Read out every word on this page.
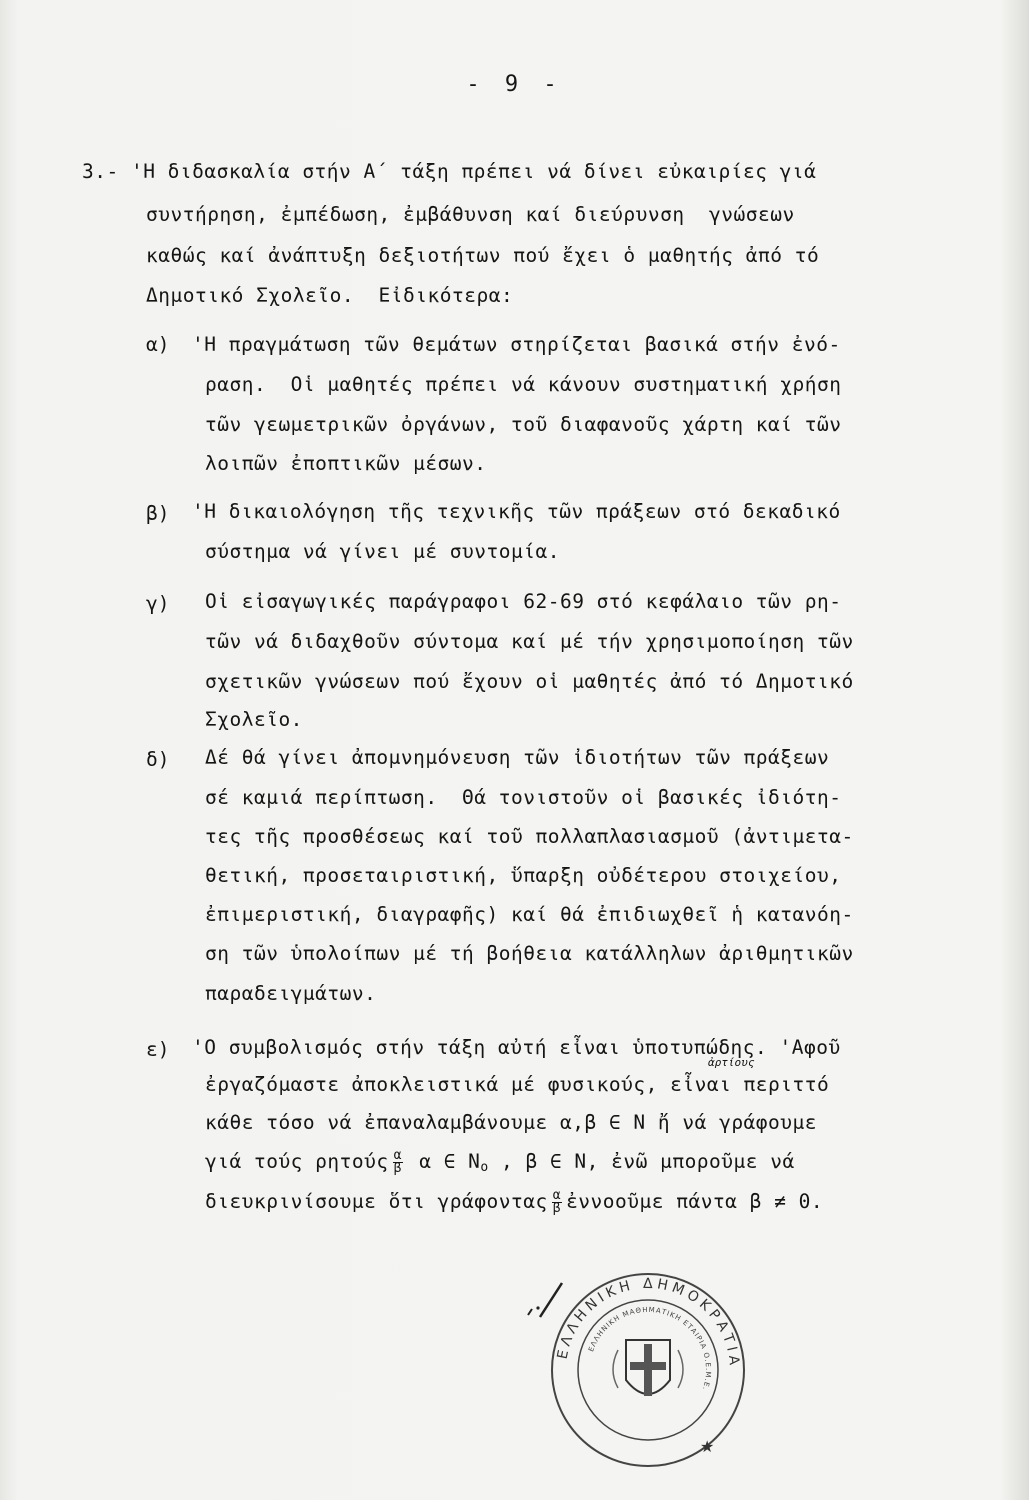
- 9 -
3.- 'Η διδασκαλία στήν Α΄ τάξη πρέπει νά δίνει εὐκαιρίες γιά
συντήρηση, ἐμπέδωση, ἐμβάθυνση καί διεύρυνση  γνώσεων
καθώς καί ἀνάπτυξη δεξιοτήτων πού ἔχει ὁ μαθητής ἀπό τό
Δημοτικό Σχολεῖο.  Εἰδικότερα:
α) 'Η πραγμάτωση τῶν θεμάτων στηρίζεται βασικά στήν ἐνό-
ραση.  Οἱ μαθητές πρέπει νά κάνουν συστηματική χρήση
τῶν γεωμετρικῶν ὀργάνων, τοῦ διαφανοῦς χάρτη καί τῶν
λοιπῶν ἐποπτικῶν μέσων.
β) 'Η δικαιολόγηση τῆς τεχνικῆς τῶν πράξεων στό δεκαδικό
σύστημα νά γίνει μέ συντομία.
γ) Οἱ εἰσαγωγικές παράγραφοι 62-69 στό κεφάλαιο τῶν ρη-
τῶν νά διδαχθοῦν σύντομα καί μέ τήν χρησιμοποίηση τῶν
σχετικῶν γνώσεων πού ἔχουν οἱ μαθητές ἀπό τό Δημοτικό
Σχολεῖο.
δ) Δέ θά γίνει ἀπομνημόνευση τῶν ἰδιοτήτων τῶν πράξεων
σέ καμιά περίπτωση.  Θά τονιστοῦν οἱ βασικές ἰδιότη-
τες τῆς προσθέσεως καί τοῦ πολλαπλασιασμοῦ (ἀντιμετα-
θετική, προσεταιριστική, ὕπαρξη οὐδέτερου στοιχείου,
ἐπιμεριστική, διαγραφῆς) καί θά ἐπιδιωχθεῖ ἡ κατανόη-
ση τῶν ὑπολοίπων μέ τή βοήθεια κατάλληλων ἀριθμητικῶν
παραδειγμάτων.
ε) 'Ο συμβολισμός στήν τάξη αὐτή εἶναι ὑποτυπώδης. 'Αφοῦ
ἀρτίους
ἐργαζόμαστε ἀποκλειστικά μέ φυσικούς, εἶναι περιττό
κάθε τόσο νά ἐπαναλαμβάνουμε α,β ∈ Ν ἤ νά γράφουμε
γιά τούς ρητούς $\frac{\alpha}{\beta}$ α ∈ $N_o$ , β ∈ Ν, ἐνῶ μποροῦμε νά
διευκρινίσουμε ὅτι γράφοντας $\frac{\alpha}{\beta}$ ἐννοοῦμε πάντα β ≠ 0.
ΕΛΛΗΝΙΚΗ ΔΗΜΟΚΡΑΤΙΑ
ΕΛΛΗΝΙΚΗ ΜΑΘΗΜΑΤΙΚΗ ΕΤΑΙΡΙΑ Ο.Ε.Μ.Ε.
★
